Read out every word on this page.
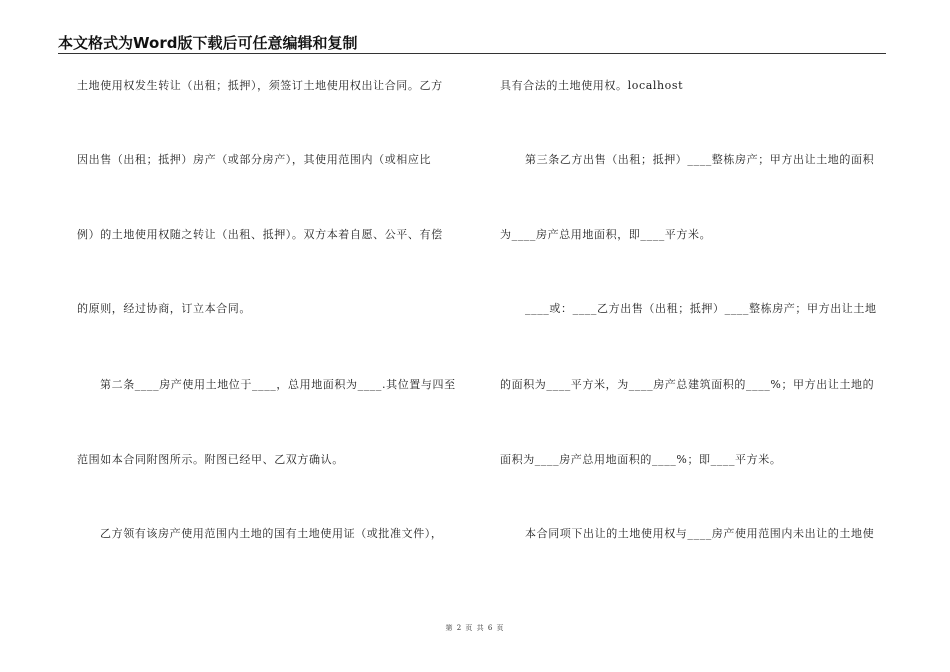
本文格式为Word版下载后可任意编辑和复制
土地使用权发生转让（出租；抵押），须签订土地使用权出让合同。乙方
因出售（出租；抵押）房产（或部分房产），其使用范围内（或相应比
例）的土地使用权随之转让（出租、抵押）。双方本着自愿、公平、有偿
的原则，经过协商，订立本合同。
第二条____房产使用土地位于____，总用地面积为____.其位置与四至
范围如本合同附图所示。附图已经甲、乙双方确认。
乙方领有该房产使用范围内土地的国有土地使用证（或批准文件），
具有合法的土地使用权。localhost
第三条乙方出售（出租；抵押）____整栋房产；甲方出让土地的面积
为____房产总用地面积，即____平方米。
____或：____乙方出售（出租；抵押）____整栋房产；甲方出让土地
的面积为____平方米，为____房产总建筑面积的____%；甲方出让土地的
面积为____房产总用地面积的____%；即____平方米。
本合同项下出让的土地使用权与____房产使用范围内未出让的土地使
第 2 页 共 6 页
